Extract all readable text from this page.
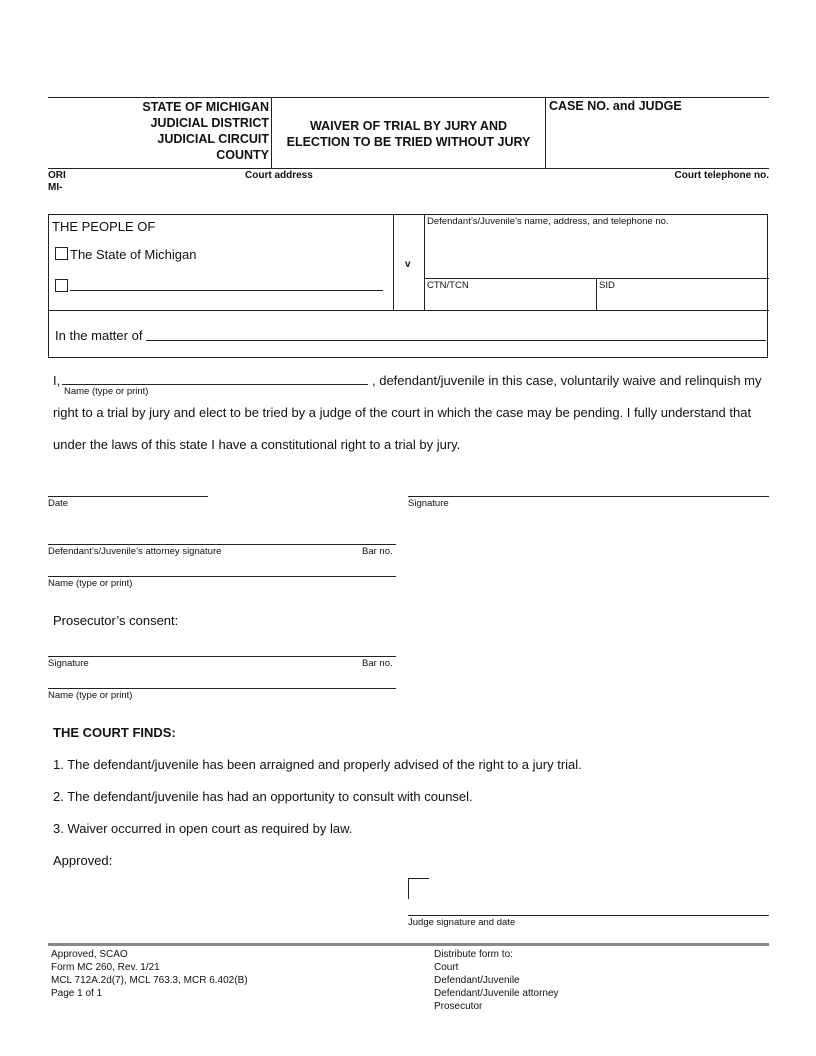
STATE OF MICHIGAN
JUDICIAL DISTRICT
JUDICIAL CIRCUIT
COUNTY
WAIVER OF TRIAL BY JURY AND
ELECTION TO BE TRIED WITHOUT JURY
CASE NO. and JUDGE
ORI
MI-
Court address	Court telephone no.
THE PEOPLE OF
The State of Michigan
v
Defendant’s/Juvenile’s name, address, and telephone no.
CTN/TCN	SID
In the matter of
I,
Name (type or print)
, defendant/juvenile in this case, voluntarily waive and relinquish my
right to a trial by jury and elect to be tried by a judge of the court in which the case may be pending. I fully understand that
under the laws of this state I have a constitutional right to a trial by jury.
Date	Signature
Defendant’s/Juvenile’s attorney signature	Bar no.
Name (type or print)
Prosecutor’s consent:
Signature	Bar no.
Name (type or print)
THE COURT FINDS:
1. The defendant/juvenile has been arraigned and properly advised of the right to a jury trial.
2. The defendant/juvenile has had an opportunity to consult with counsel.
3. Waiver occurred in open court as required by law.
Approved:
Judge signature and date
Approved, SCAO
Form MC 260, Rev. 1/21
MCL 712A.2d(7), MCL 763.3, MCR 6.402(B)
Page 1 of 1
Distribute form to:
Court
Defendant/Juvenile
Defendant/Juvenile attorney
Prosecutor
